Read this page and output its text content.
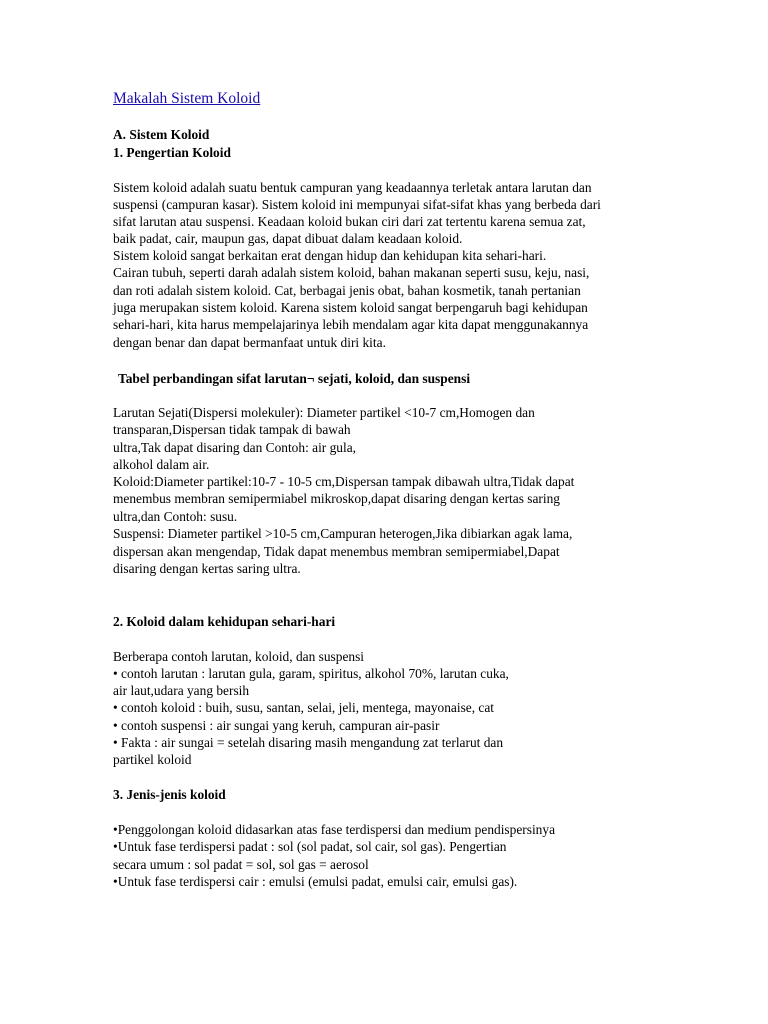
Makalah Sistem Koloid
A. Sistem Koloid
1. Pengertian Koloid
Sistem koloid adalah suatu bentuk campuran yang keadaannya terletak antara larutan dan
suspensi (campuran kasar). Sistem koloid ini mempunyai sifat-sifat khas yang berbeda dari
sifat larutan atau suspensi. Keadaan koloid bukan ciri dari zat tertentu karena semua zat,
baik padat, cair, maupun gas, dapat dibuat dalam keadaan koloid.
Sistem koloid sangat berkaitan erat dengan hidup dan kehidupan kita sehari-hari.
Cairan tubuh, seperti darah adalah sistem koloid, bahan makanan seperti susu, keju, nasi,
dan roti adalah sistem koloid. Cat, berbagai jenis obat, bahan kosmetik, tanah pertanian
juga merupakan sistem koloid. Karena sistem koloid sangat berpengaruh bagi kehidupan
sehari-hari, kita harus mempelajarinya lebih mendalam agar kita dapat menggunakannya
dengan benar dan dapat bermanfaat untuk diri kita.
Tabel perbandingan sifat larutan¬ sejati, koloid, dan suspensi
Larutan Sejati(Dispersi molekuler): Diameter partikel <10-7 cm,Homogen dan
transparan,Dispersan tidak tampak di bawah
ultra,Tak dapat disaring dan Contoh: air gula,
alkohol dalam air.
Koloid:Diameter partikel:10-7 - 10-5 cm,Dispersan tampak dibawah ultra,Tidak dapat
menembus membran semipermiabel mikroskop,dapat disaring dengan kertas saring
ultra,dan Contoh: susu.
Suspensi: Diameter partikel >10-5 cm,Campuran heterogen,Jika dibiarkan agak lama,
dispersan akan mengendap, Tidak dapat menembus membran semipermiabel,Dapat
disaring dengan kertas saring ultra.
2. Koloid dalam kehidupan sehari-hari
Berberapa contoh larutan, koloid, dan suspensi
• contoh larutan : larutan gula, garam, spiritus, alkohol 70%, larutan cuka,
air laut,udara yang bersih
• contoh koloid : buih, susu, santan, selai, jeli, mentega, mayonaise, cat
• contoh suspensi : air sungai yang keruh, campuran air-pasir
• Fakta : air sungai = setelah disaring masih mengandung zat terlarut dan
partikel koloid
3. Jenis-jenis koloid
•Penggolongan koloid didasarkan atas fase terdispersi dan medium pendispersinya
•Untuk fase terdispersi padat : sol (sol padat, sol cair, sol gas). Pengertian
secara umum : sol padat = sol, sol gas = aerosol
•Untuk fase terdispersi cair : emulsi (emulsi padat, emulsi cair, emulsi gas).
